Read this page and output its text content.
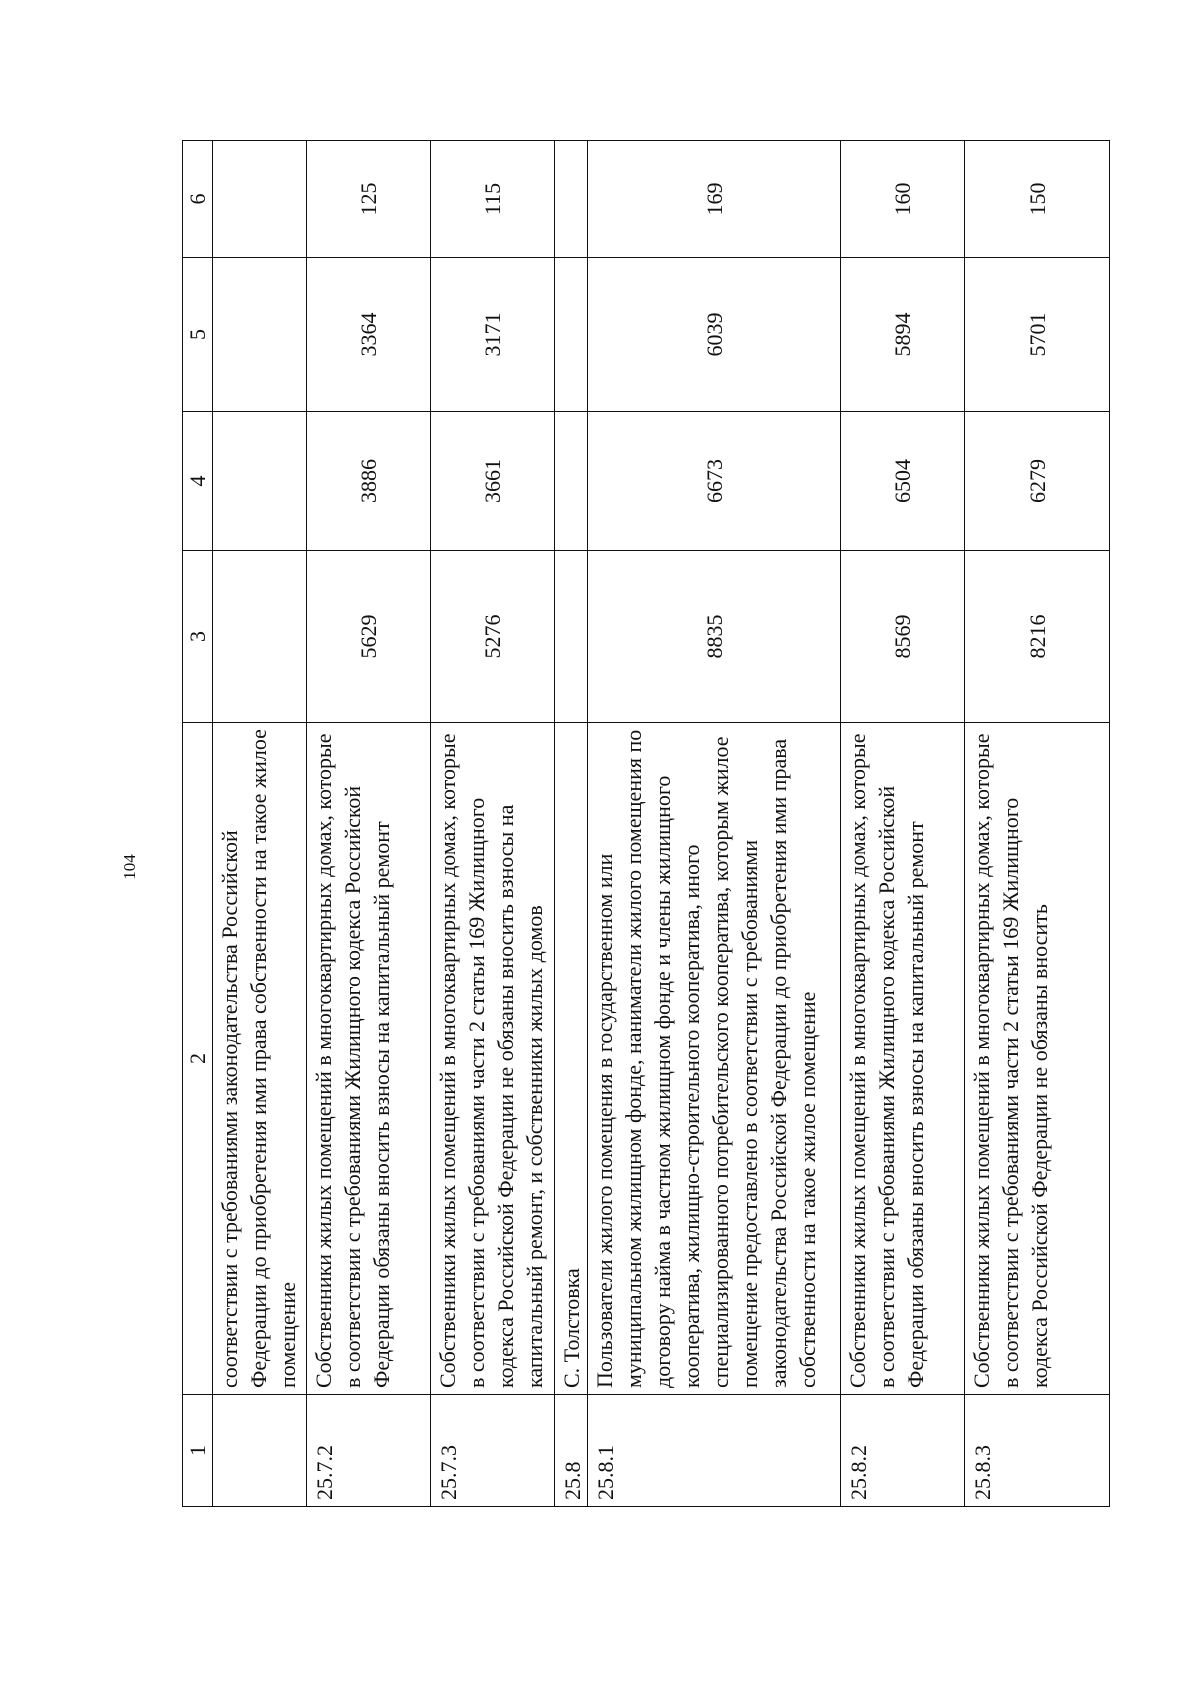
104
1	2	3	4	5	6
	соответствии с требованиями законодательства Российской Федерации до приобретения ими права собственности на такое жилое помещение				
25.7.2	Собственники жилых помещений в многоквартирных домах, которые в соответствии с требованиями Жилищного кодекса Российской Федерации обязаны вносить взносы на капитальный ремонт	5629	3886	3364	125
25.7.3	Собственники жилых помещений в многоквартирных домах, которые в соответствии с требованиями части 2 статьи 169 Жилищного кодекса Российской Федерации не обязаны вносить взносы на капитальный ремонт, и собственники жилых домов	5276	3661	3171	115
25.8	С. Толстовка				
25.8.1	Пользователи жилого помещения в государственном или муниципальном жилищном фонде, наниматели жилого помещения по договору найма в частном жилищном фонде и члены жилищного кооператива, жилищно-строительного кооператива, иного специализированного потребительского кооператива, которым жилое помещение предоставлено в соответствии с требованиями законодательства Российской Федерации до приобретения ими права собственности на такое жилое помещение	8835	6673	6039	169
25.8.2	Собственники жилых помещений в многоквартирных домах, которые в соответствии с требованиями Жилищного кодекса Российской Федерации обязаны вносить взносы на капитальный ремонт	8569	6504	5894	160
25.8.3	Собственники жилых помещений в многоквартирных домах, которые в соответствии с требованиями части 2 статьи 169 Жилищного кодекса Российской Федерации не обязаны вносить	8216	6279	5701	150
